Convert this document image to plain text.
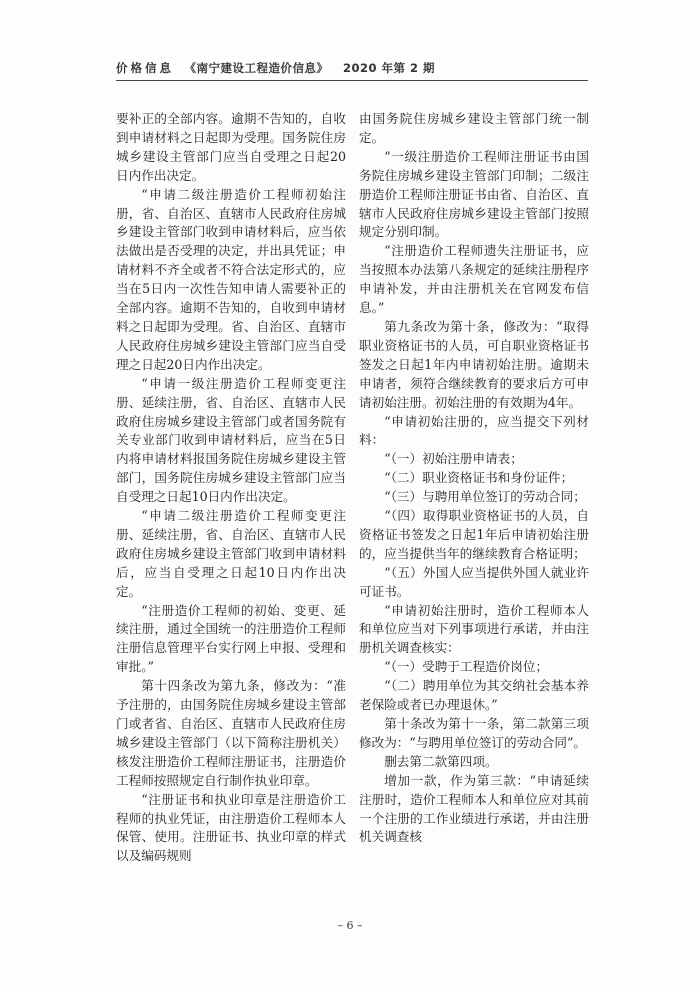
价格信息 《南宁建设工程造价信息》 2020 年第 2 期

要补正的全部内容。逾期不告知的，自收到申请材料之日起即为受理。国务院住房城乡建设主管部门应当自受理之日起20日内作出决定。

“申请二级注册造价工程师初始注册，省、自治区、直辖市人民政府住房城乡建设主管部门收到申请材料后，应当依法做出是否受理的决定，并出具凭证；申请材料不齐全或者不符合法定形式的，应当在5日内一次性告知申请人需要补正的全部内容。逾期不告知的，自收到申请材料之日起即为受理。省、自治区、直辖市人民政府住房城乡建设主管部门应当自受理之日起20日内作出决定。

“申请一级注册造价工程师变更注册、延续注册，省、自治区、直辖市人民政府住房城乡建设主管部门或者国务院有关专业部门收到申请材料后，应当在5日内将申请材料报国务院住房城乡建设主管部门，国务院住房城乡建设主管部门应当自受理之日起10日内作出决定。

“申请二级注册造价工程师变更注册、延续注册，省、自治区、直辖市人民政府住房城乡建设主管部门收到申请材料后，应当自受理之日起10日内作出决定。

“注册造价工程师的初始、变更、延续注册，通过全国统一的注册造价工程师注册信息管理平台实行网上申报、受理和审批。”

第十四条改为第九条，修改为：“准予注册的，由国务院住房城乡建设主管部门或者省、自治区、直辖市人民政府住房城乡建设主管部门（以下简称注册机关）核发注册造价工程师注册证书，注册造价工程师按照规定自行制作执业印章。

“注册证书和执业印章是注册造价工程师的执业凭证，由注册造价工程师本人保管、使用。注册证书、执业印章的样式以及编码规则

由国务院住房城乡建设主管部门统一制定。

“一级注册造价工程师注册证书由国务院住房城乡建设主管部门印制；二级注册造价工程师注册证书由省、自治区、直辖市人民政府住房城乡建设主管部门按照规定分别印制。

“注册造价工程师遗失注册证书，应当按照本办法第八条规定的延续注册程序申请补发，并由注册机关在官网发布信息。”

第九条改为第十条，修改为：“取得职业资格证书的人员，可自职业资格证书签发之日起1年内申请初始注册。逾期未申请者，须符合继续教育的要求后方可申请初始注册。初始注册的有效期为4年。

“申请初始注册的，应当提交下列材料：

“（一）初始注册申请表；

“（二）职业资格证书和身份证件；

“（三）与聘用单位签订的劳动合同；

“（四）取得职业资格证书的人员，自资格证书签发之日起1年后申请初始注册的，应当提供当年的继续教育合格证明；

“（五）外国人应当提供外国人就业许可证书。

“申请初始注册时，造价工程师本人和单位应当对下列事项进行承诺，并由注册机关调查核实：

“（一）受聘于工程造价岗位；

“（二）聘用单位为其交纳社会基本养老保险或者已办理退休。”

第十条改为第十一条，第二款第三项修改为：“与聘用单位签订的劳动合同”。

删去第二款第四项。

增加一款，作为第三款：“申请延续注册时，造价工程师本人和单位应对其前一个注册的工作业绩进行承诺，并由注册机关调查核

– 6 –
